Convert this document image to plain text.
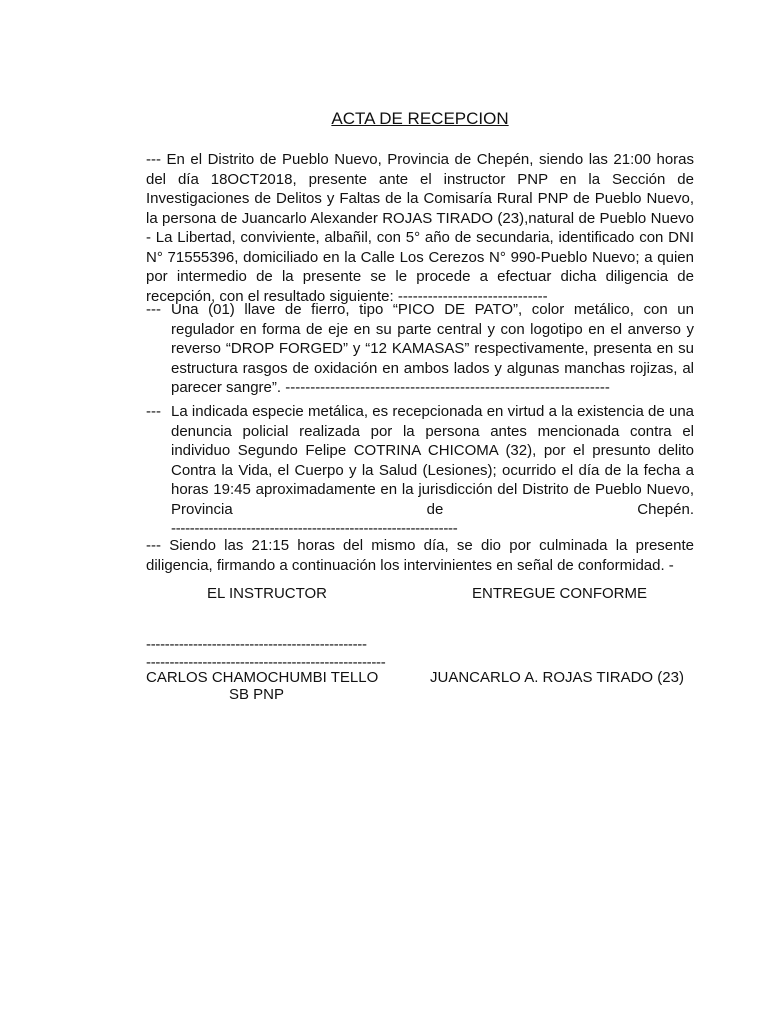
ACTA DE RECEPCION

--- En el Distrito de Pueblo Nuevo, Provincia de Chepén, siendo las 21:00 horas del día 18OCT2018, presente ante el instructor PNP en la Sección de Investigaciones de Delitos y Faltas de la Comisaría Rural PNP de Pueblo Nuevo, la persona de Juancarlo Alexander ROJAS TIRADO (23),natural de Pueblo Nuevo - La Libertad, conviviente, albañil, con 5° año de secundaria, identificado con DNI N° 71555396, domiciliado en la Calle Los Cerezos N° 990-Pueblo Nuevo; a quien por intermedio de la presente se le procede a efectuar dicha diligencia de recepción, con el resultado siguiente: ------------------------------

--- Una (01) llave de fierro, tipo “PICO DE PATO”, color metálico, con un regulador en forma de eje en su parte central y con logotipo en el anverso y reverso “DROP FORGED” y “12 KAMASAS” respectivamente, presenta en su estructura rasgos de oxidación en ambos lados y algunas manchas rojizas, al parecer sangre”. -----------------------------------------------------------------
--- La indicada especie metálica, es recepcionada en virtud a la existencia de una denuncia policial realizada por la persona antes mencionada contra el individuo Segundo Felipe COTRINA CHICOMA (32), por el presunto delito Contra la Vida, el Cuerpo y la Salud (Lesiones); ocurrido el día de la fecha a horas 19:45 aproximadamente en la jurisdicción del Distrito de Pueblo Nuevo, Provincia de Chepén.
-------------------------------------------------------------

--- Siendo las 21:15 horas del mismo día, se dio por culminada la presente diligencia, firmando a continuación los intervinientes en señal de conformidad. -

EL INSTRUCTOR	ENTREGUE CONFORME
-----------------------------------------------
---------------------------------------------------
CARLOS CHAMOCHUMBI TELLO
SB PNP
JUANCARLO A. ROJAS TIRADO (23)
